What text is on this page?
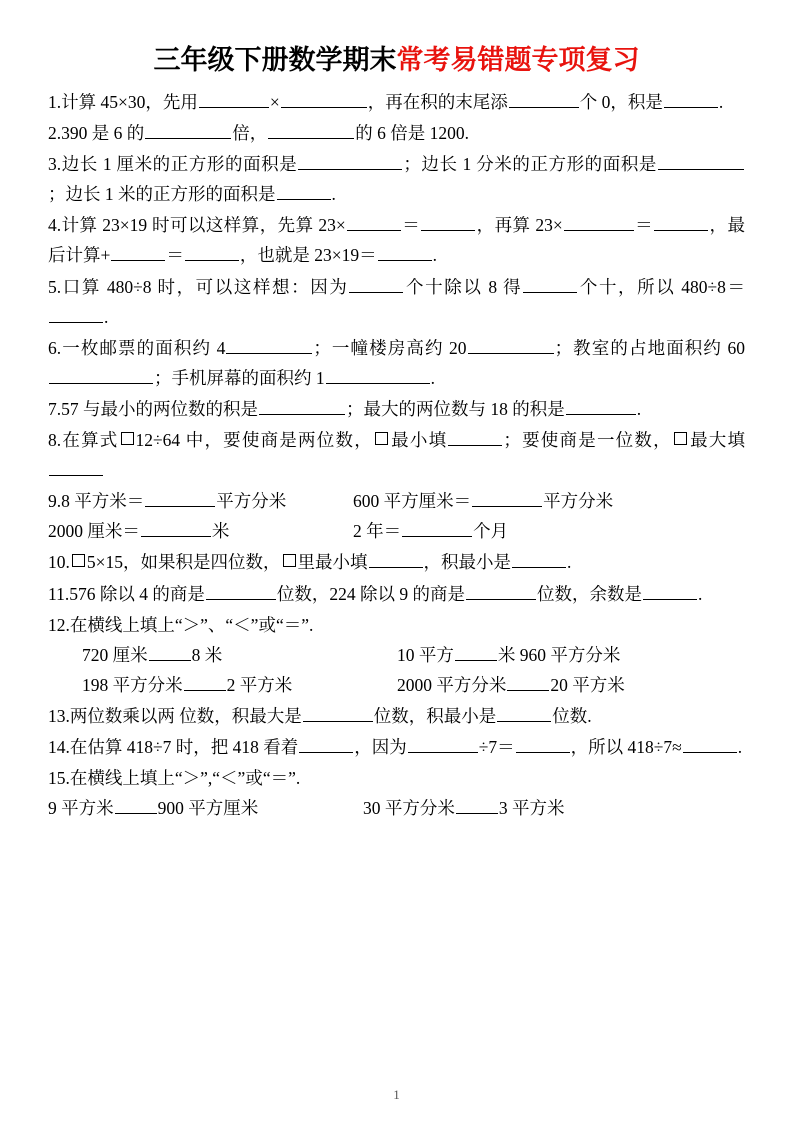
三年级下册数学期末常考易错题专项复习
1.计算 45×30，先用	×	，再在积的末尾添	个 0，积是	.
2.390 是 6 的	倍，	的 6 倍是 1200.
3.边长 1 厘米的正方形的面积是	；边长 1 分米的正方形的面积是；边长 1 米的正方形的面积是	.
4.计算 23×19 时可以这样算，先算 23×	＝	，再算 23×	＝	，最后计算+	＝	，也就是 23×19＝	.
5.口算 480÷8 时，可以这样想：因为	个十除以 8 得	个十，所以 480÷8＝.
6.一枚邮票的面积约 4	；一幢楼房高约 20	；教室的占地面积约 60；手机屏幕的面积约 1	.
7.57 与最小的两位数的积是	；最大的两位数与 18 的积是	.
8.在算式 12÷64 中，要使商是两位数， 最小填	；要使商是一位数， 最大填
9.8 平方米＝	平方分米	600 平方厘米＝	平方分米
2000 厘米＝	米	2 年＝	个月
10. 5×15，如果积是四位数， 里最小填	，积最小是	.
11.576 除以 4 的商是	位数，224 除以 9 的商是	位数，余数是	.
12.在横线上填上“＞”、“＜”或“＝”.
720 厘米	8 米	10 平方	米 960 平方分米
198 平方分米	2 平方米	2000 平方分米	20 平方米
13.两位数乘以两 位数，积最大是	位数，积最小是	位数.
14.在估算 418÷7 时，把 418 看着	，因为	÷7＝	，所以 418÷7≈	.
15.在横线上填上“＞”,“＜”或“＝”.
9 平方米	900 平方厘米	30 平方分米	3 平方米
1
